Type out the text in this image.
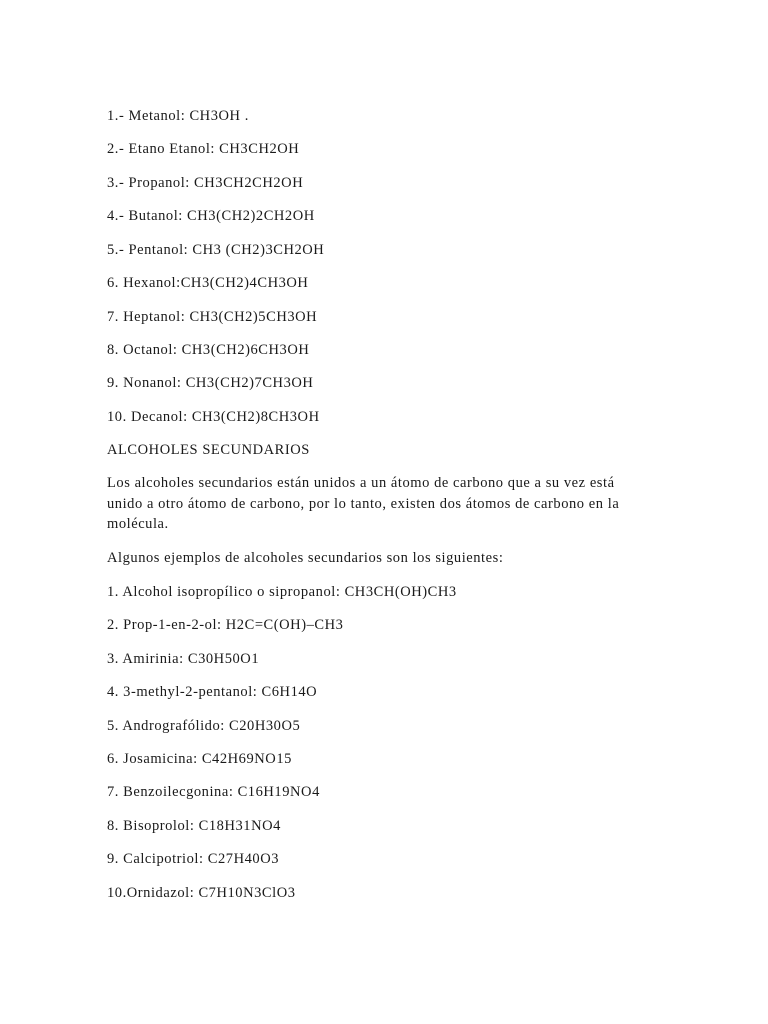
1.- Metanol: CH3OH .
2.- Etano Etanol: CH3CH2OH
3.- Propanol: CH3CH2CH2OH
4.- Butanol: CH3(CH2)2CH2OH
5.- Pentanol: CH3 (CH2)3CH2OH
6. Hexanol:CH3(CH2)4CH3OH
7. Heptanol: CH3(CH2)5CH3OH
8. Octanol: CH3(CH2)6CH3OH
9. Nonanol: CH3(CH2)7CH3OH
10. Decanol: CH3(CH2)8CH3OH
ALCOHOLES SECUNDARIOS
Los alcoholes secundarios están unidos a un átomo de carbono que a su vez está
unido a otro átomo de carbono, por lo tanto, existen dos átomos de carbono en la
molécula.
Algunos ejemplos de alcoholes secundarios son los siguientes:
1. Alcohol isopropílico o sipropanol: CH3CH(OH)CH3
2. Prop-1-en-2-ol: H2C=C(OH)–CH3
3. Amirinia: C30H50O1
4. 3-methyl-2-pentanol: C6H14O
5. Andrografólido: C20H30O5
6. Josamicina: C42H69NO15
7. Benzoilecgonina: C16H19NO4
8. Bisoprolol: C18H31NO4
9. Calcipotriol: C27H40O3
10.Ornidazol: C7H10N3ClO3
